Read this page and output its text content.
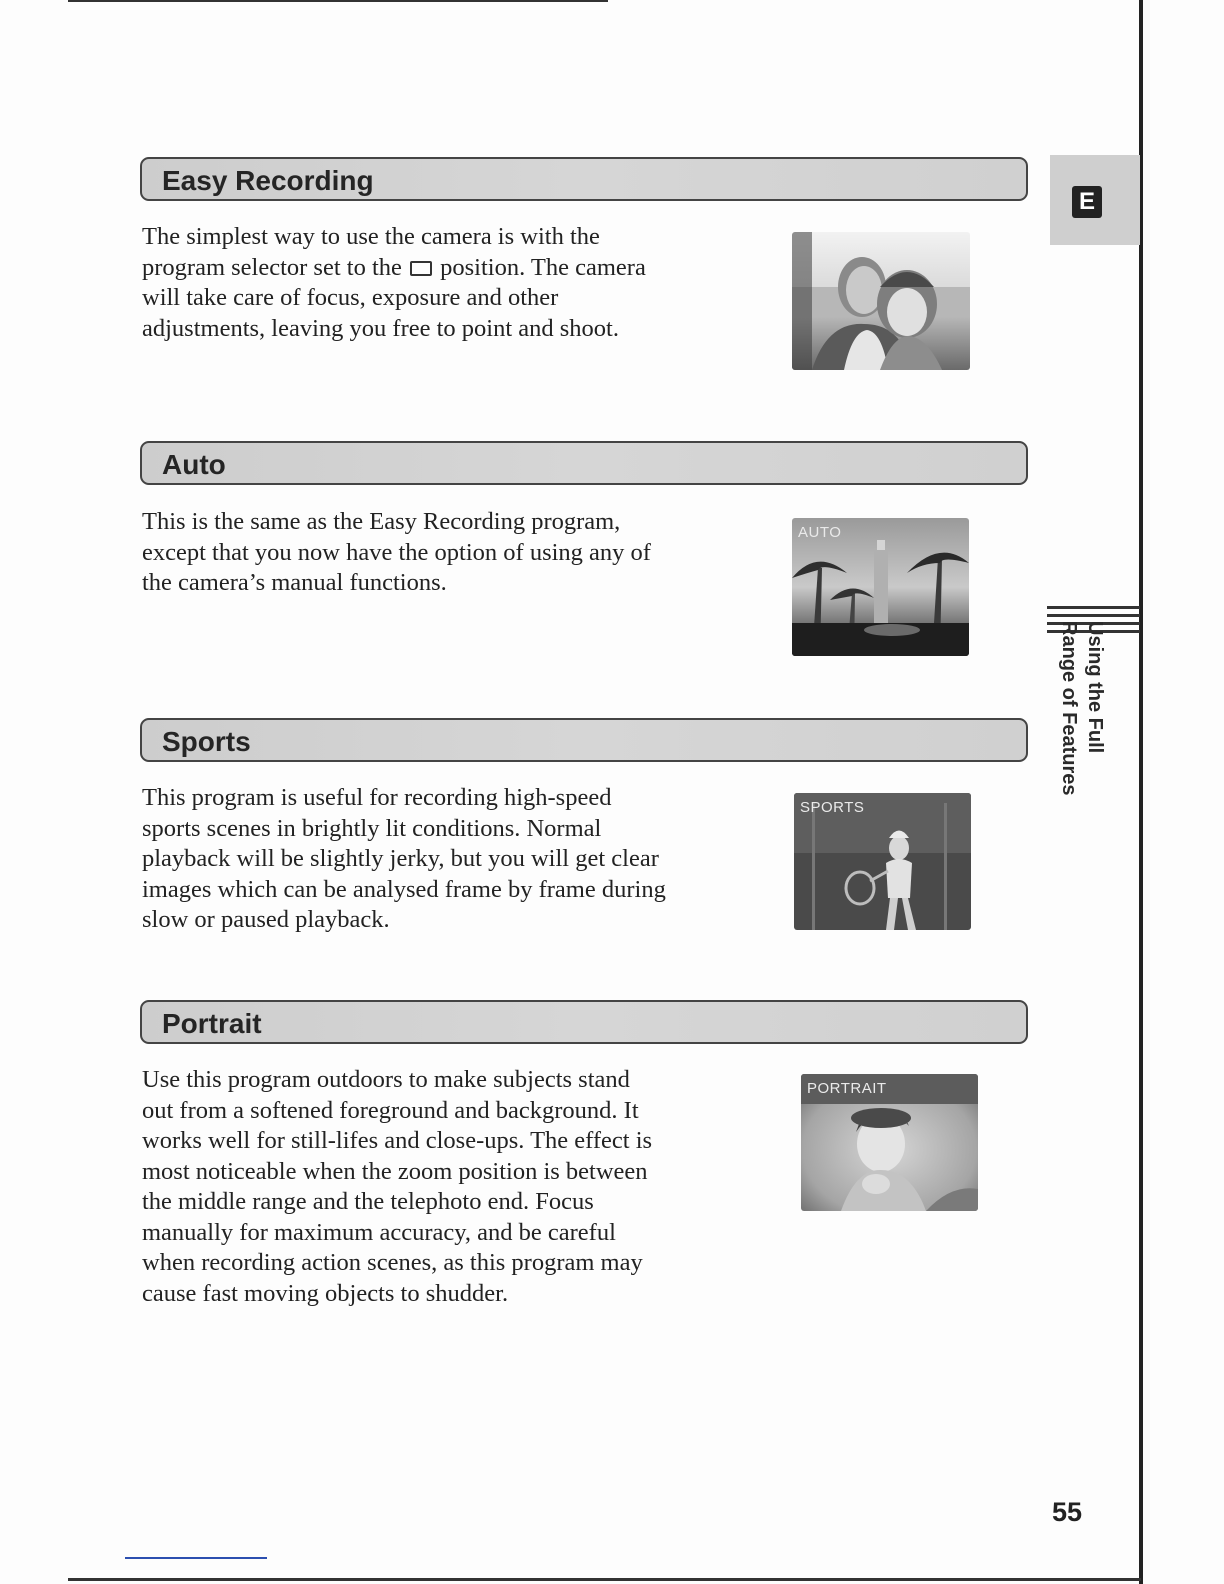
E
Using the Full
Range of Features
Easy Recording
The simplest way to use the camera is with the program selector set to the position. The camera will take care of focus, exposure and other adjustments, leaving you free to point and shoot.
Auto
This is the same as the Easy Recording program, except that you now have the option of using any of the camera’s manual functions.
AUTO
Sports
This program is useful for recording high-speed sports scenes in brightly lit conditions. Normal playback will be slightly jerky, but you will get clear images which can be analysed frame by frame during slow or paused playback.
SPORTS
Portrait
Use this program outdoors to make subjects stand out from a softened foreground and background. It works well for still-lifes and close-ups. The effect is most noticeable when the zoom position is between the middle range and the telephoto end. Focus manually for maximum accuracy, and be careful when recording action scenes, as this program may cause fast moving objects to shudder.
PORTRAIT
55
